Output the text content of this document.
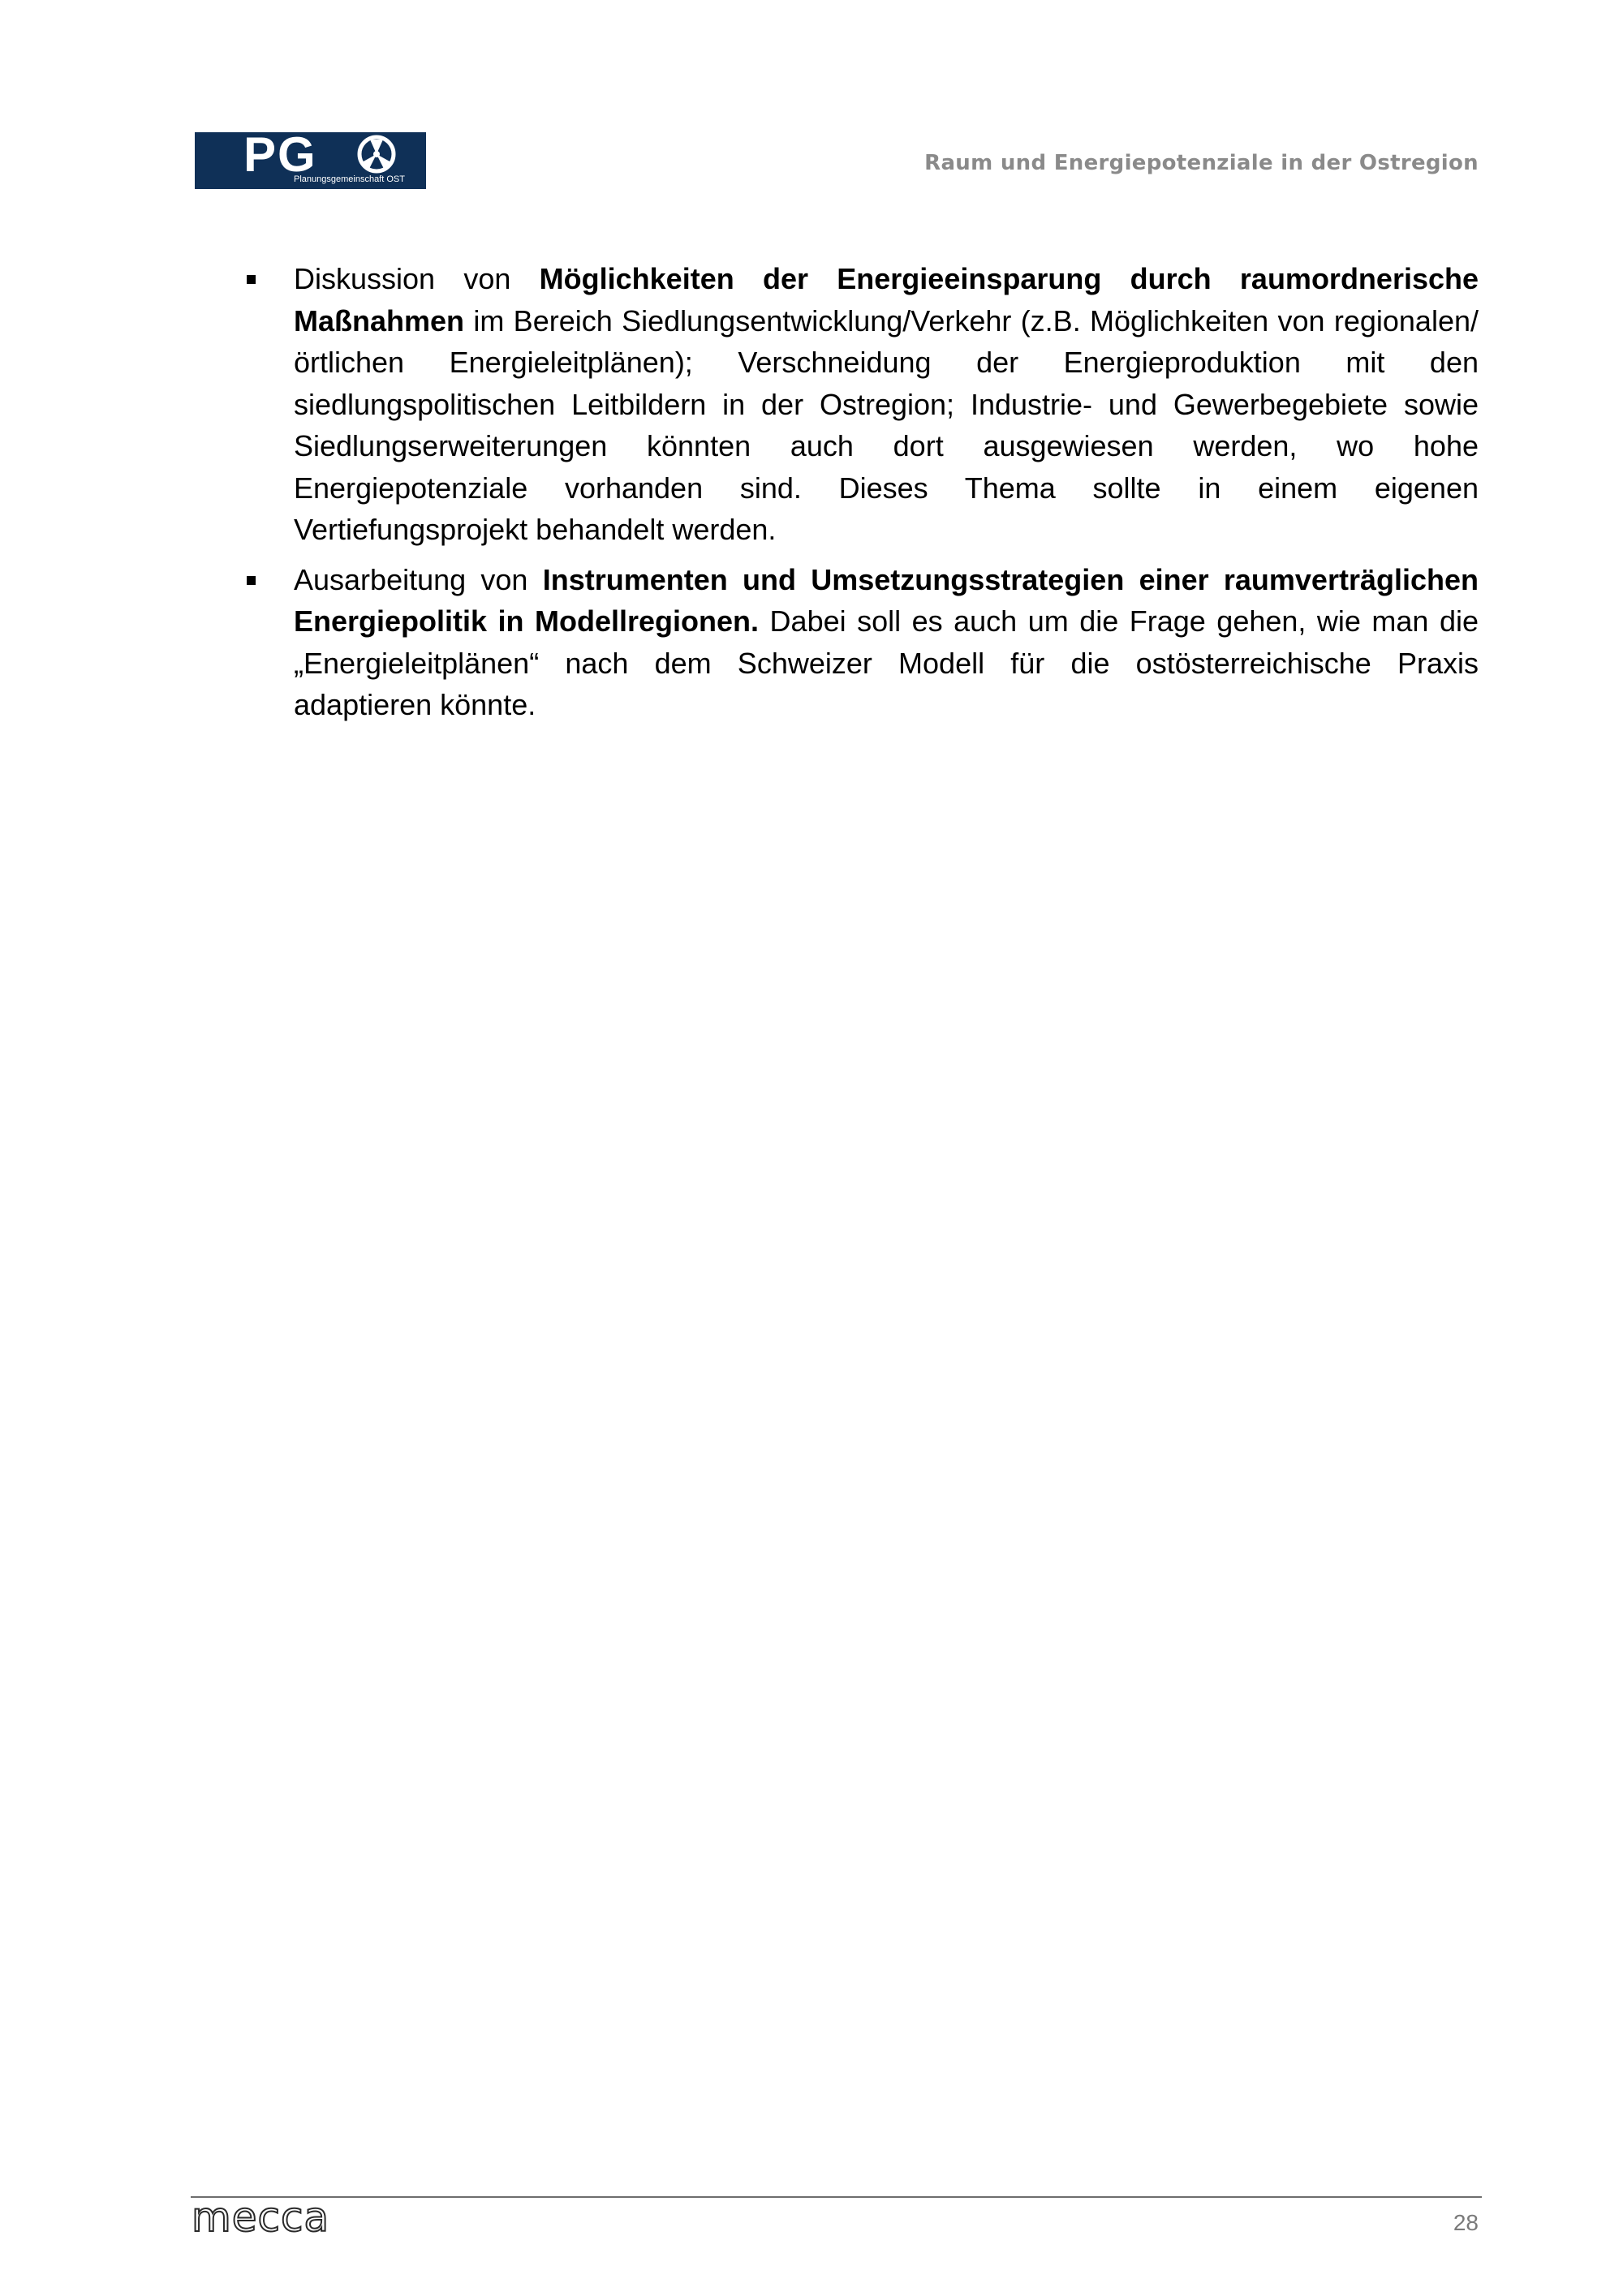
PG
Planungsgemeinschaft OST
Raum und Energiepotenziale in der Ostregion

Diskussion von Möglichkeiten der Energieeinsparung durch raumordnerische Maßnahmen im Bereich Siedlungsentwicklung/Verkehr (z.B. Möglichkeiten von regionalen/örtlichen Energieleitplänen); Verschneidung der Energieproduktion mit den siedlungspolitischen Leitbildern in der Ostregion; Industrie- und Gewerbegebiete sowie Siedlungserweiterungen könnten auch dort ausgewiesen werden, wo hohe Energiepotenziale vorhanden sind. Dieses Thema sollte in einem eigenen Vertiefungsprojekt behandelt werden.

Ausarbeitung von Instrumenten und Umsetzungsstrategien einer raumverträglichen Energiepolitik in Modellregionen. Dabei soll es auch um die Frage gehen, wie man die „Energieleitplänen“ nach dem Schweizer Modell für die ostösterreichische Praxis adaptieren könnte.

mecca	28
